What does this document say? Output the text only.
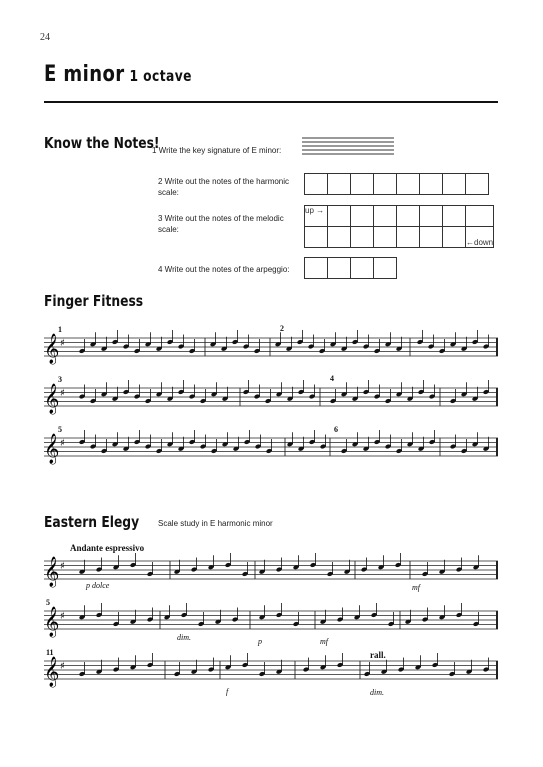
24
E minor 1 octave
Know the Notes!
1 Write the key signature of E minor:
2 Write out the notes of the harmonic
scale:

3 Write out the notes of the melodic
scale:
up →							
							←down
4 Write out the notes of the arpeggio:

Finger Fitness
1	2
3	4
5	6
Eastern Elegy Scale study in E harmonic minor
Andante espressivo
p dolce	mf
5
dim.	p	mf
11	rall.
f	dim.
𝄞 ♯
𝄞 ♯
𝄞 ♯
𝄞 ♯
𝄞 ♯
𝄞 ♯
